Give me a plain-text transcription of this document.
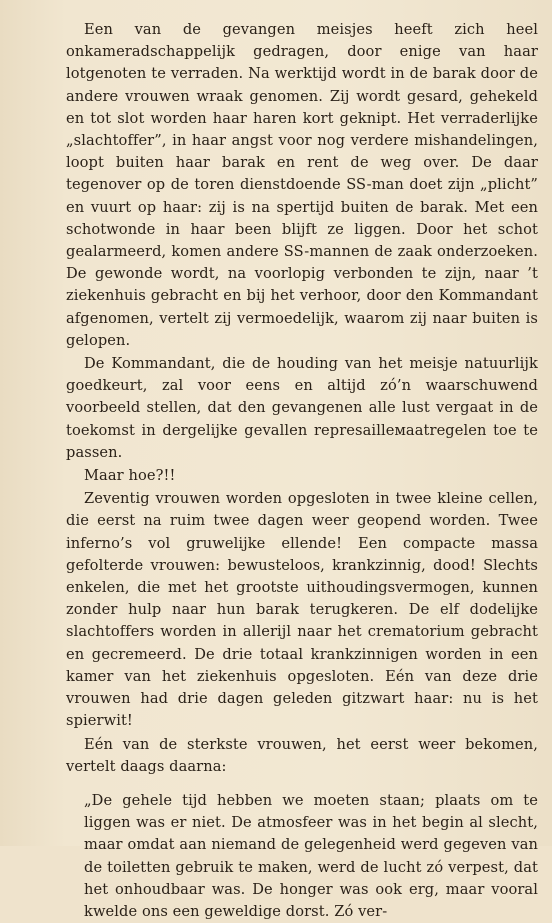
Een van de gevangen meisjes heeft zich heel onkameradschappelijk gedragen, door enige van haar lotgenoten te verraden. Na werktijd wordt in de barak door de andere vrouwen wraak genomen. Zij wordt gesard, gehekeld en tot slot worden haar haren kort geknipt. Het verraderlijke „slachtoffer”, in haar angst voor nog verdere mishandelingen, loopt buiten haar barak en rent de weg over. De daar tegenover op de toren dienstdoende SS-man doet zijn „plicht” en vuurt op haar: zij is na spertijd buiten de barak. Met een schotwonde in haar been blijft ze liggen. Door het schot gealarmeerd, komen andere SS-mannen de zaak onderzoeken. De gewonde wordt, na voorlopig verbonden te zijn, naar ’t ziekenhuis gebracht en bij het verhoor, door den Kommandant afgenomen, vertelt zij vermoedelijk, waarom zij naar buiten is gelopen.

De Kommandant, die de houding van het meisje natuurlijk goedkeurt, zal voor eens en altijd zó’n waarschuwend voorbeeld stellen, dat den gevangenen alle lust vergaat in de toekomst in dergelijke gevallen represailleмaatregelen toe te passen.

Maar hoe?!!

Zeventig vrouwen worden opgesloten in twee kleine cellen, die eerst na ruim twee dagen weer geopend worden. Twee inferno’s vol gruwelijke ellende! Een compacte massa gefolterde vrouwen: bewusteloos, krankzinnig, dood! Slechts enkelen, die met het grootste uithoudingsvermogen, kunnen zonder hulp naar hun barak terugkeren. De elf dodelijke slachtoffers worden in allerijl naar het crematorium gebracht en gecremeerd. De drie totaal krankzinnigen worden in een kamer van het ziekenhuis opgesloten. Eén van deze drie vrouwen had drie dagen geleden gitzwart haar: nu is het spierwit!

Eén van de sterkste vrouwen, het eerst weer bekomen, vertelt daags daarna:

„De gehele tijd hebben we moeten staan; plaats om te liggen was er niet. De atmosfeer was in het begin al slecht, maar omdat aan niemand de gelegenheid werd gegeven van de toiletten gebruik te maken, werd de lucht zó verpest, dat het onhoudbaar was. De honger was ook erg, maar vooral kwelde ons een geweldige dorst. Zó ver-
